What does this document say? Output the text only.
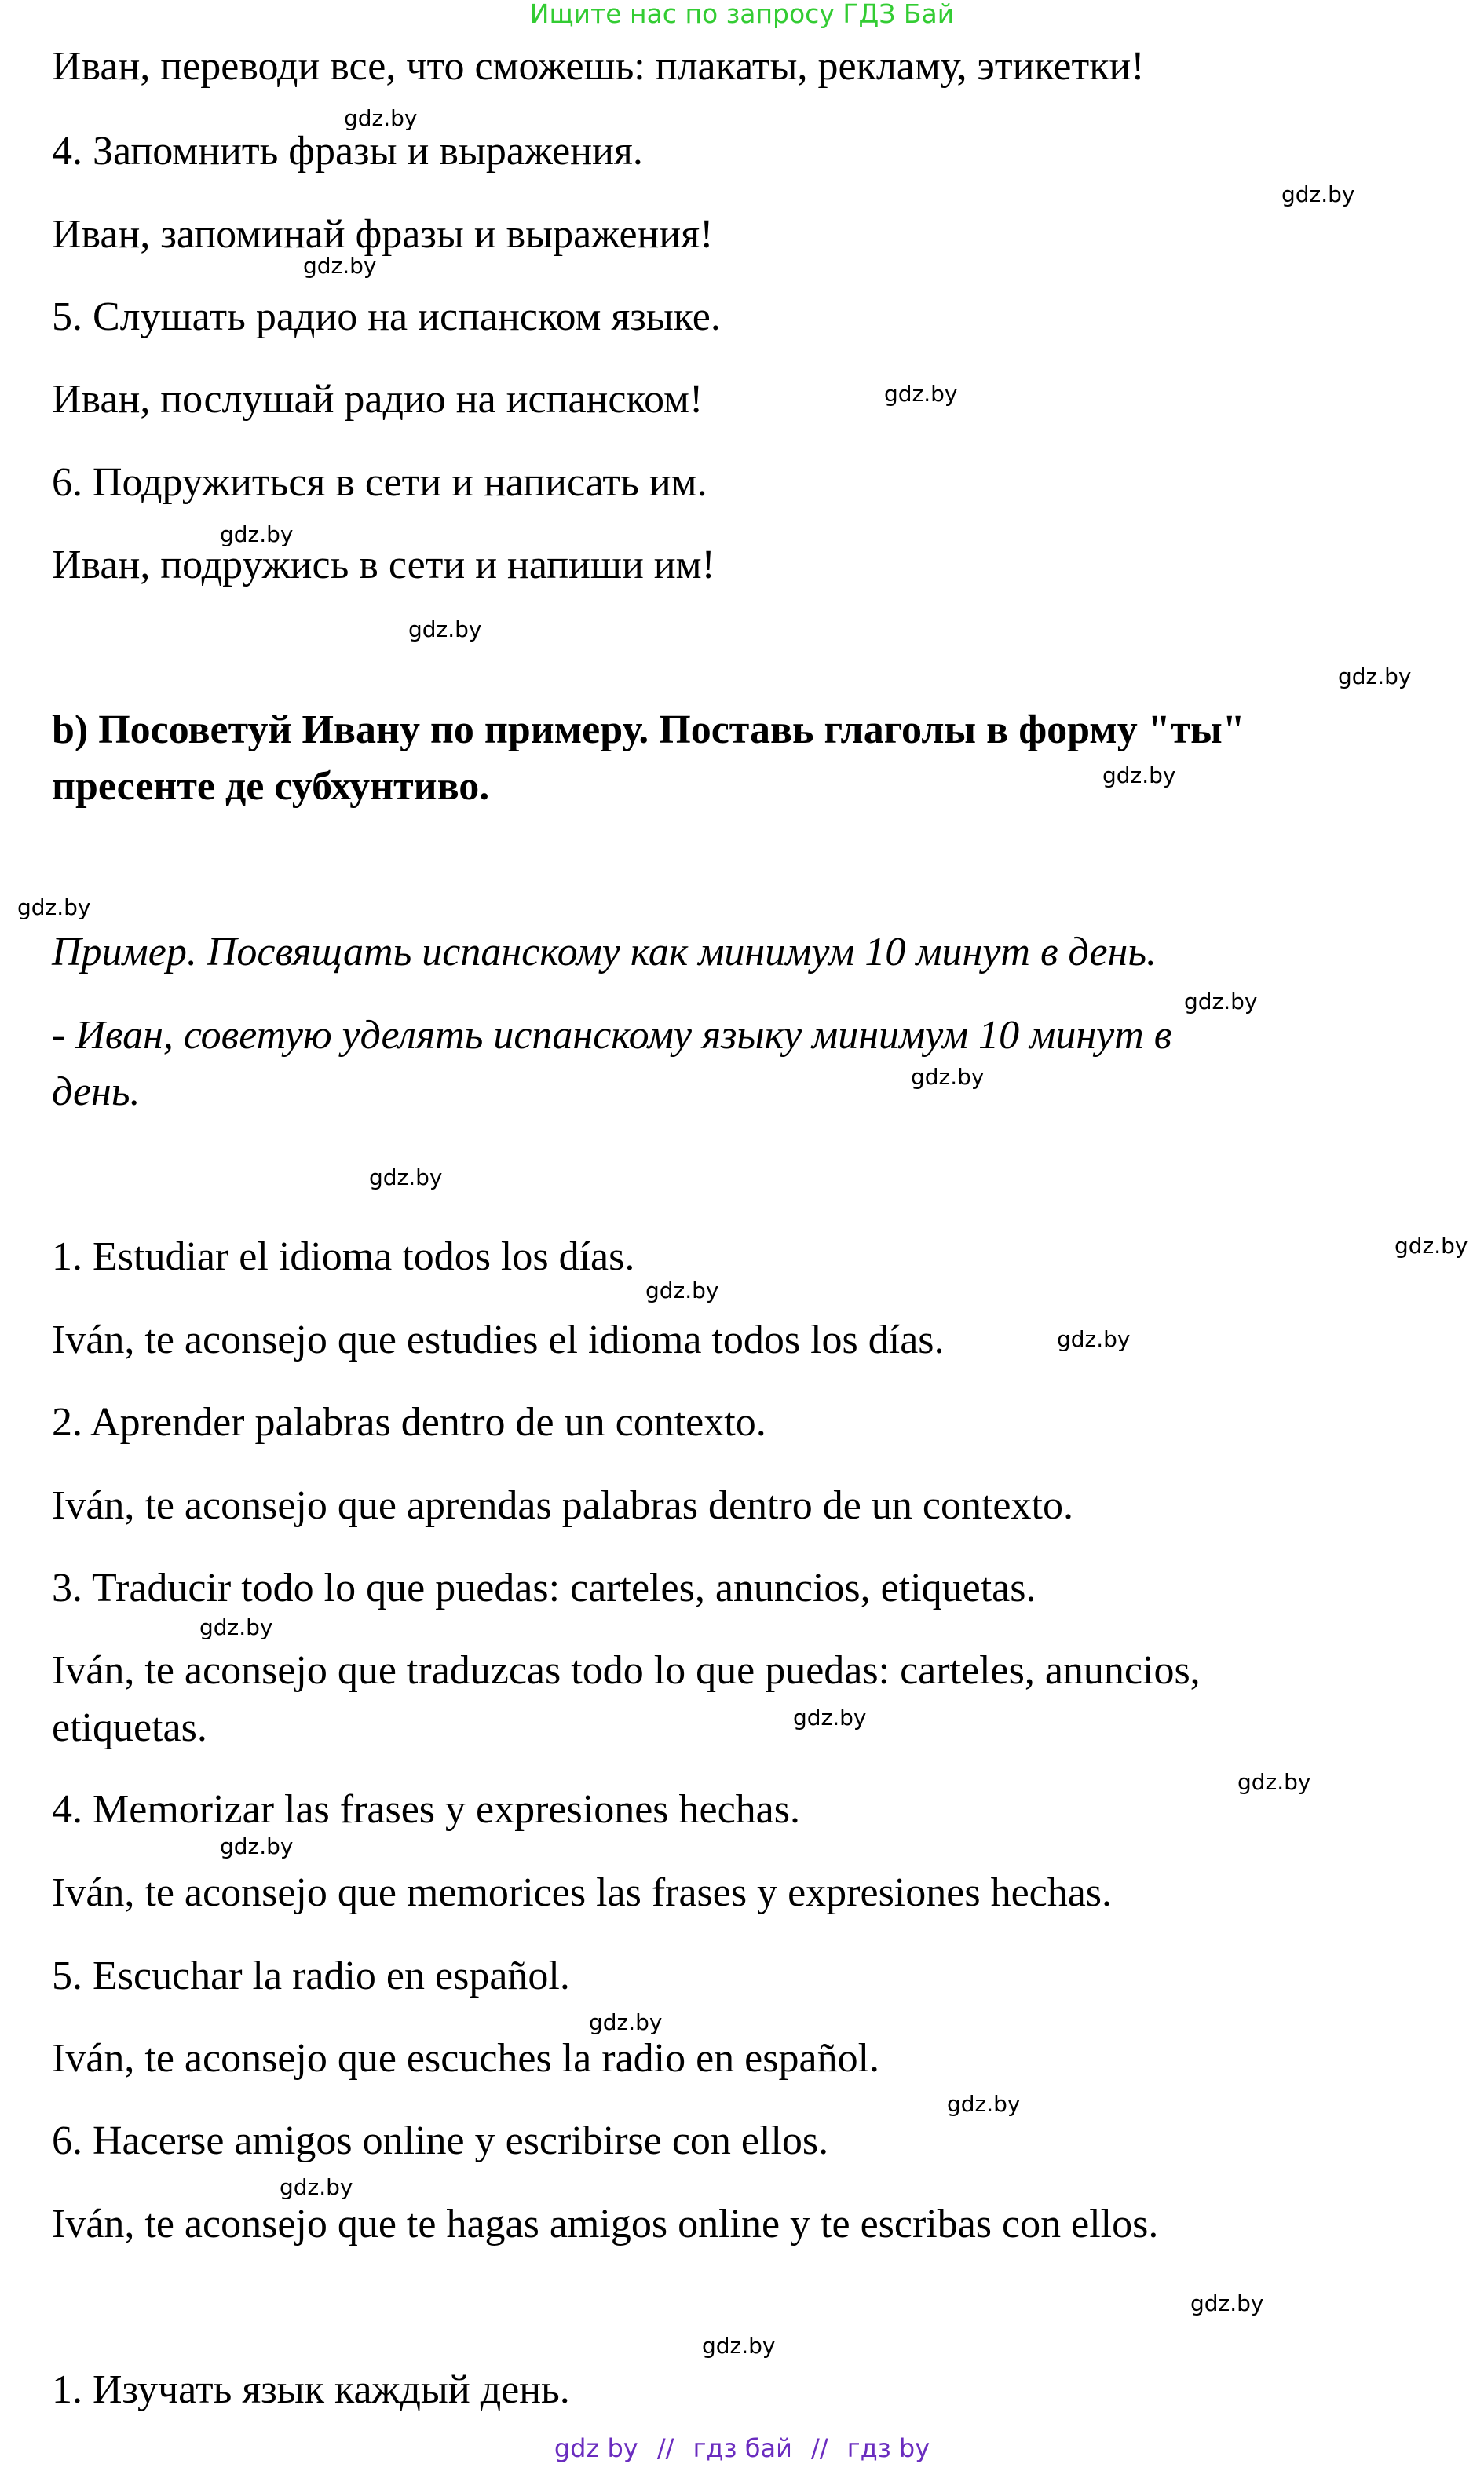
Ищите нас по запросу ГДЗ Бай
Иван, переводи все, что сможешь: плакаты, рекламу, этикетки!
4. Запомнить фразы и выражения.
Иван, запоминай фразы и выражения!
5. Слушать радио на испанском языке.
Иван, послушай радио на испанском!
6. Подружиться в сети и написать им.
Иван, подружись в сети и напиши им!
b) Посоветуй Ивану по примеру. Поставь глаголы в форму "ты"
пресенте де субхунтиво.
Пример. Посвящать испанскому как минимум 10 минут в день.
- Иван, советую уделять испанскому языку минимум 10 минут в
день.
1. Estudiar el idioma todos los días.
Iván, te aconsejo que estudies el idioma todos los días.
2. Aprender palabras dentro de un contexto.
Iván, te aconsejo que aprendas palabras dentro de un contexto.
3. Traducir todo lo que puedas: carteles, anuncios, etiquetas.
Iván, te aconsejo que traduzcas todo lo que puedas: carteles, anuncios,
etiquetas.
4. Memorizar las frases y expresiones hechas.
Iván, te aconsejo que memorices las frases y expresiones hechas.
5. Escuchar la radio en español.
Iván, te aconsejo que escuches la radio en español.
6. Hacerse amigos online y escribirse con ellos.
Iván, te aconsejo que te hagas amigos online y te escribas con ellos.
1. Изучать язык каждый день.
gdz.by
gdz.by
gdz.by
gdz.by
gdz.by
gdz.by
gdz.by
gdz.by
gdz.by
gdz.by
gdz.by
gdz.by
gdz.by
gdz.by
gdz.by
gdz.by
gdz.by
gdz.by
gdz.by
gdz.by
gdz.by
gdz.by
gdz.by
gdz.by
gdz by // гдз бай // гдз by
